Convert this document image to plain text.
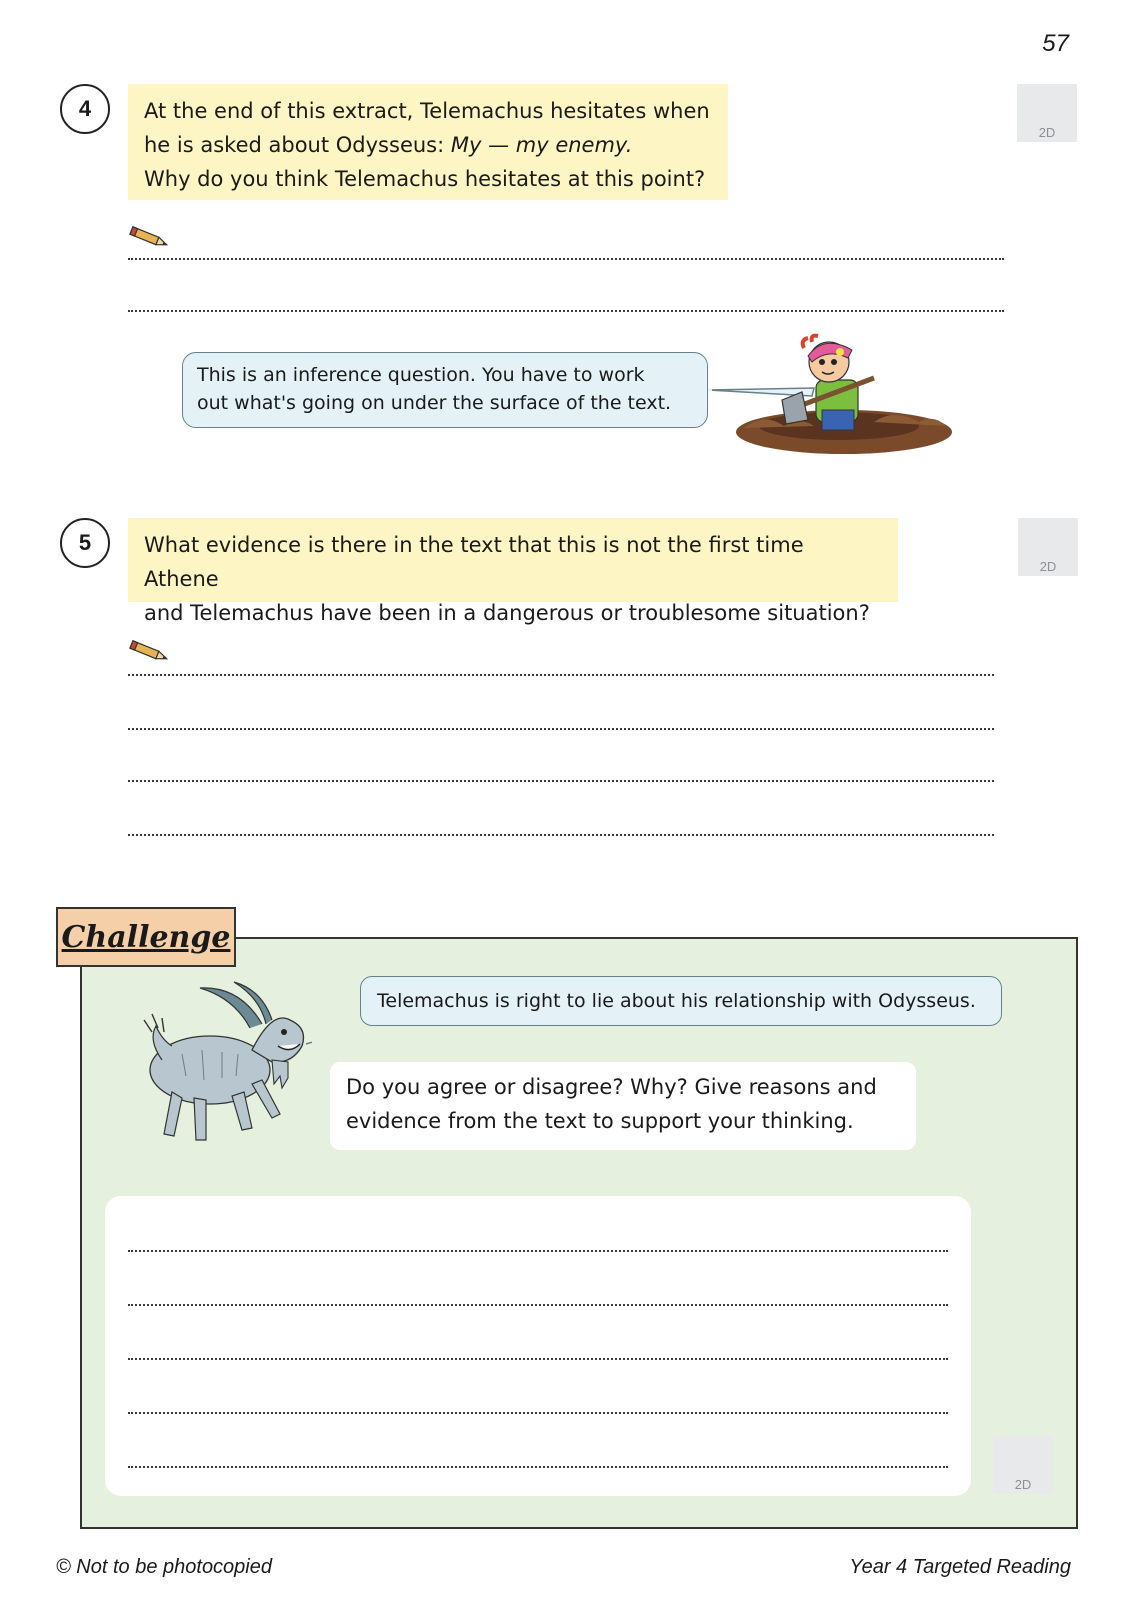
57
4	At the end of this extract, Telemachus hesitates when
he is asked about Odysseus: My — my enemy.
Why do you think Telemachus hesitates at this point?
2D
This is an inference question. You have to work
out what's going on under the surface of the text.
5	What evidence is there in the text that this is not the first time Athene
and Telemachus have been in a dangerous or troublesome situation?
2D
Challenge
Telemachus is right to lie about his relationship with Odysseus.
Do you agree or disagree? Why? Give reasons and
evidence from the text to support your thinking.
2D
© Not to be photocopied	Year 4 Targeted Reading
